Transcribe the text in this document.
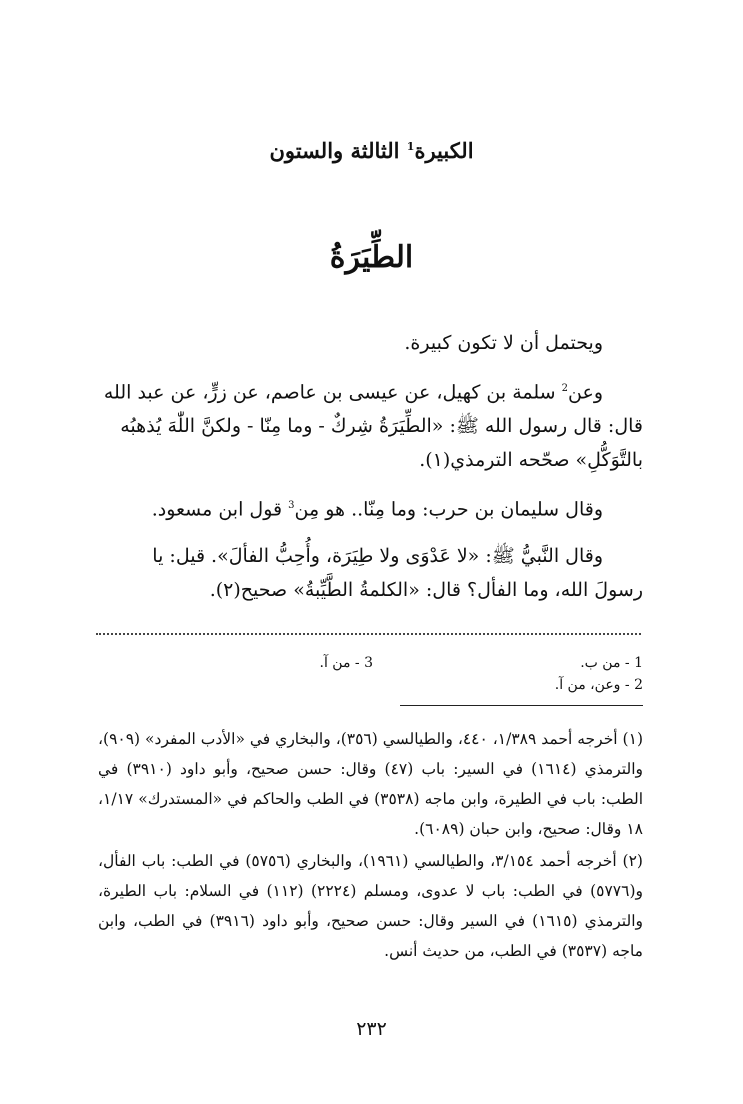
الكبيرة$^1$ الثالثة والستون
الطِّيَرَةُ

ويحتمل أن لا تكون كبيرة.

وعن$^2$ سلمة بن كهيل، عن عيسى بن عاصم، عن زرٍّ، عن عبد الله قال: قال رسول الله ﷺ: «الطِّيَرَةُ شِركٌ - وما مِنّا - ولكنَّ اللّٰهَ يُذهبُه بالتَّوَكُّلِ» صحّحه الترمذي(١).

وقال سليمان بن حرب: وما مِنّا.. هو مِن$^3$ قول ابن مسعود.

وقال النَّبيُّ ﷺ: «لا عَدْوَى ولا طِيَرَة، وأُحِبُّ الفألَ». قيل: يا رسولَ الله، وما الفأل؟ قال: «الكلمةُ الطَّيِّبةُ» صحيح(٢).

1 - من ب.
3 - من آ.
2 - وعن، من آ.

(١) أخرجه أحمد ١/٣٨٩، ٤٤٠، والطيالسي (٣٥٦)، والبخاري في «الأدب المفرد» (٩٠٩)، والترمذي (١٦١٤) في السير: باب (٤٧) وقال: حسن صحيح، وأبو داود (٣٩١٠) في الطب: باب في الطيرة، وابن ماجه (٣٥٣٨) في الطب والحاكم في «المستدرك» ١/١٧، ١٨ وقال: صحيح، وابن حبان (٦٠٨٩).

(٢) أخرجه أحمد ٣/١٥٤، والطيالسي (١٩٦١)، والبخاري (٥٧٥٦) في الطب: باب الفأل، و(٥٧٧٦) في الطب: باب لا عدوى، ومسلم (٢٢٢٤) (١١٢) في السلام: باب الطيرة، والترمذي (١٦١٥) في السير وقال: حسن صحيح، وأبو داود (٣٩١٦) في الطب، وابن ماجه (٣٥٣٧) في الطب، من حديث أنس.

٢٣٢
